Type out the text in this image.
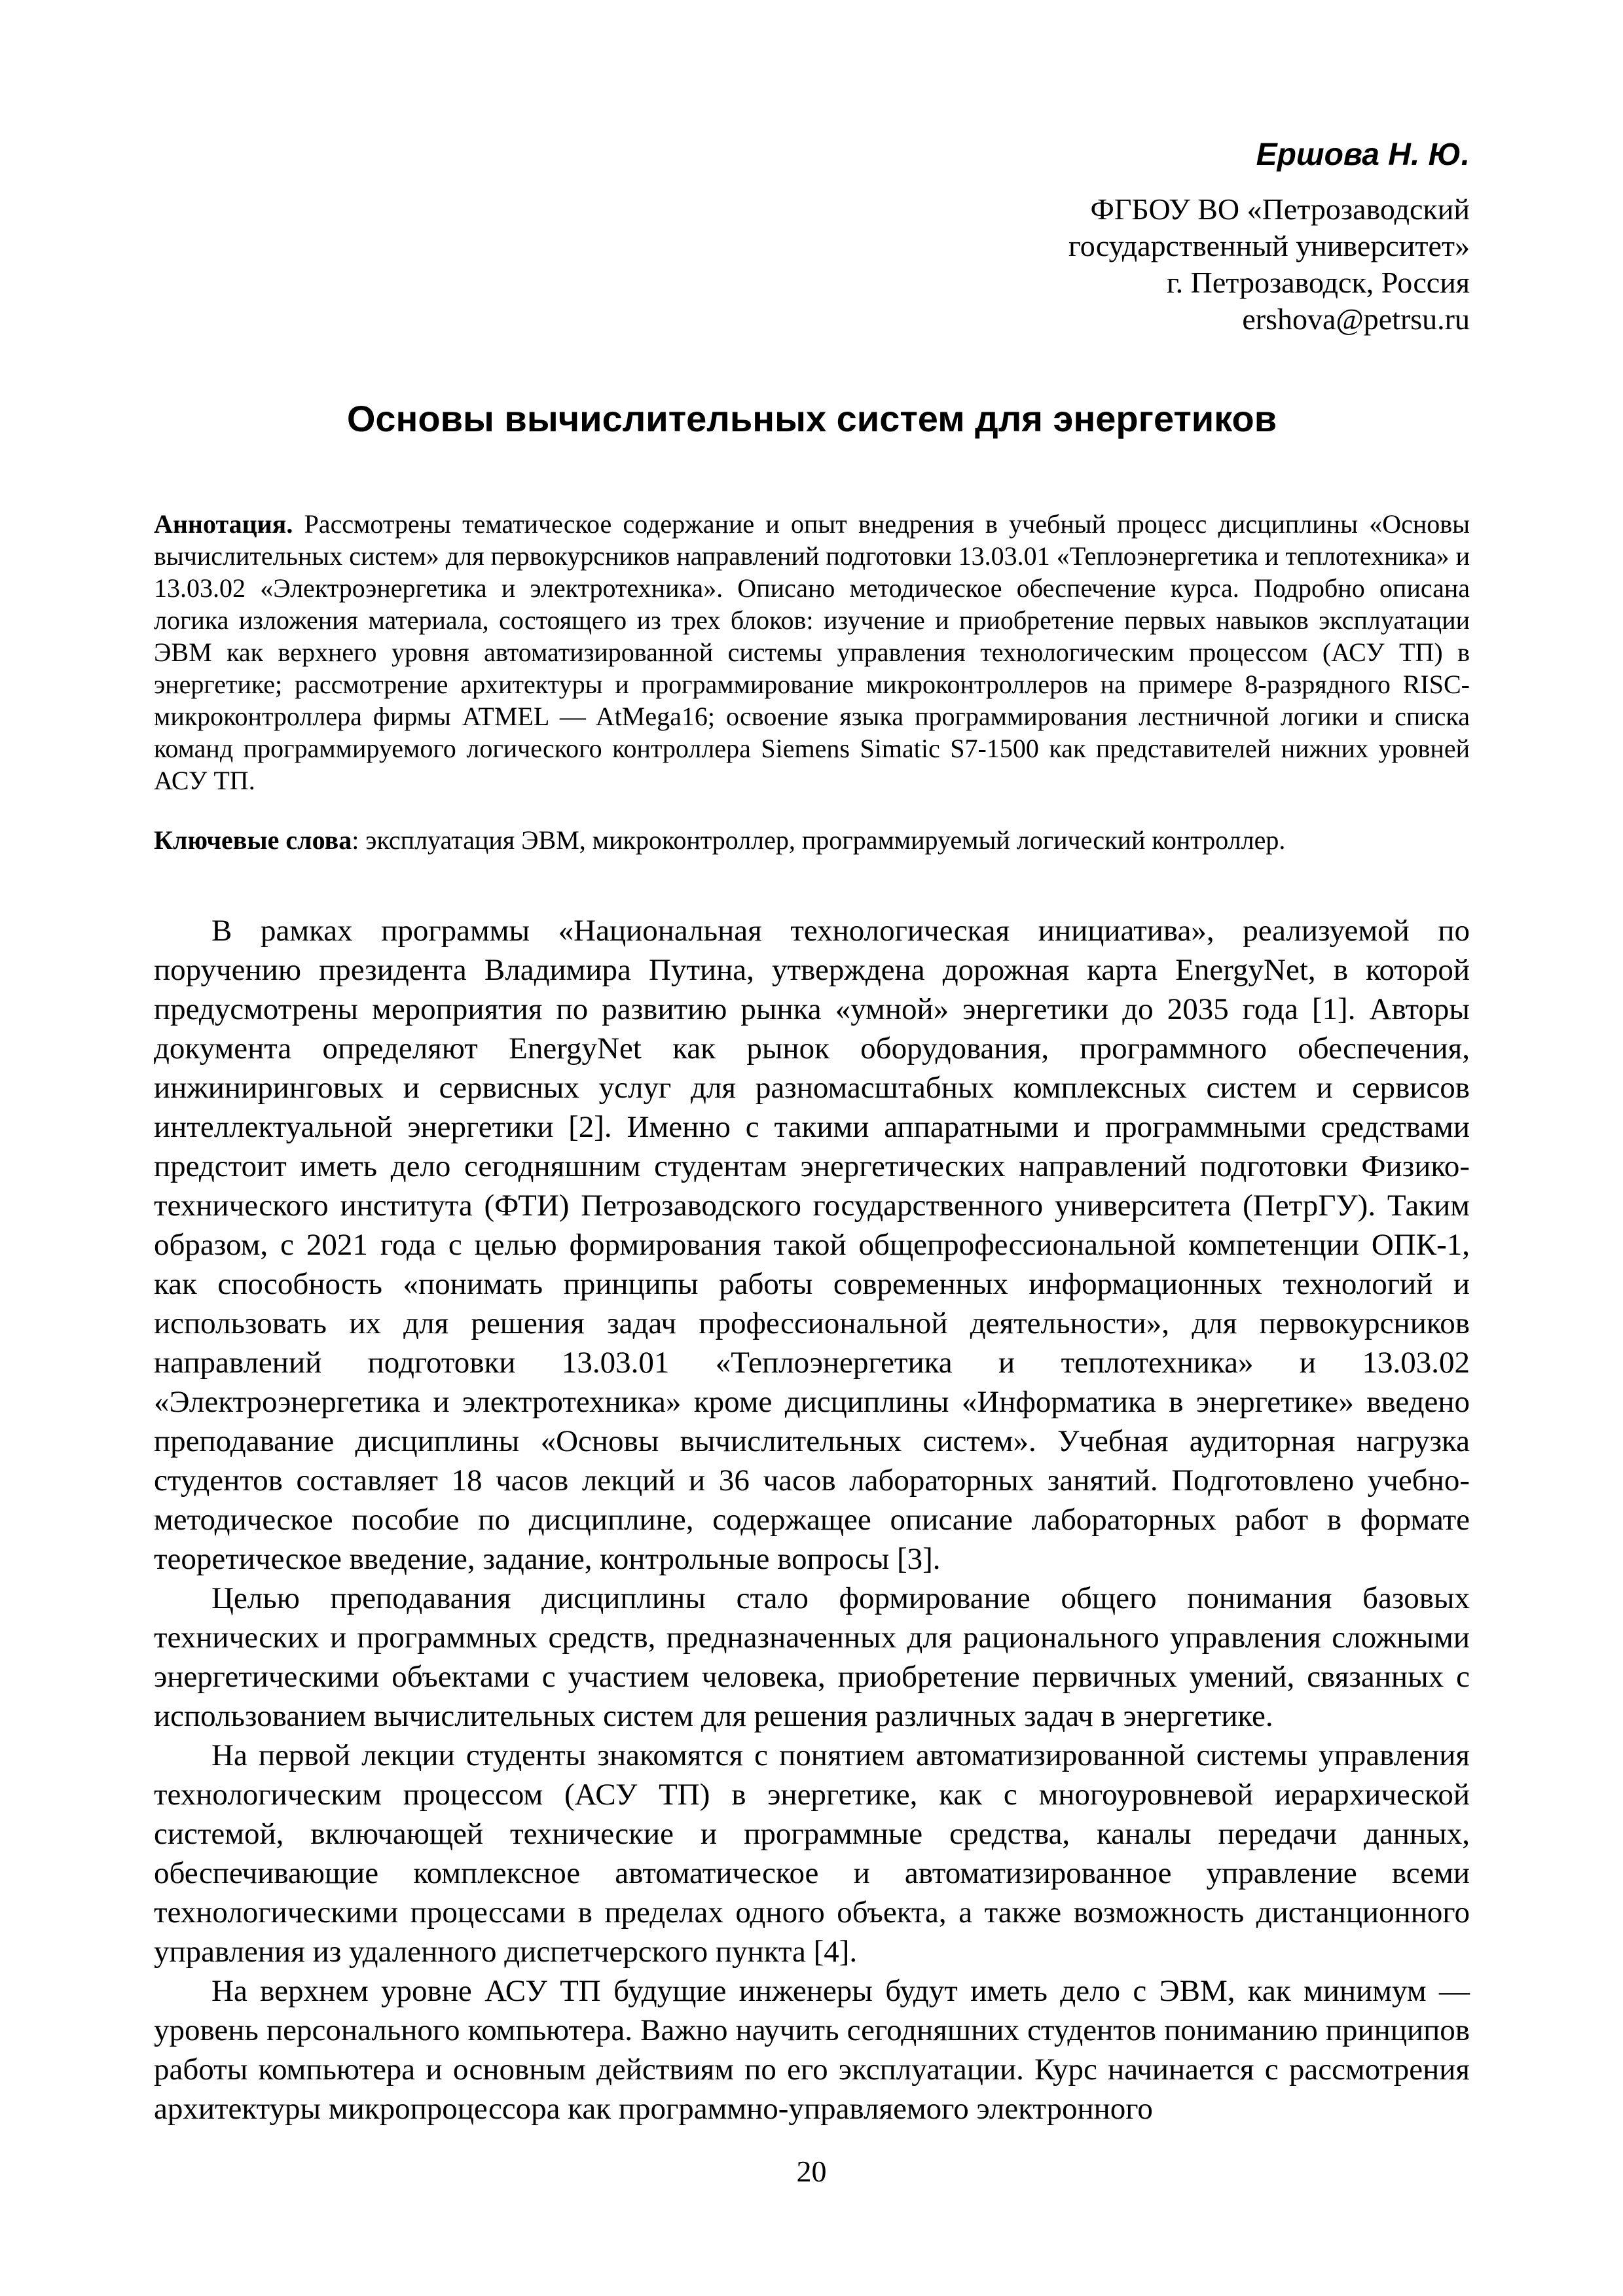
Ершова Н. Ю.
ФГБОУ ВО «Петрозаводский
государственный университет»
г. Петрозаводск, Россия
ershova@petrsu.ru
Основы вычислительных систем для энергетиков

Аннотация. Рассмотрены тематическое содержание и опыт внедрения в учебный процесс дисциплины «Основы вычислительных систем» для первокурсников направлений подготовки 13.03.01 «Теплоэнергетика и теплотехника» и 13.03.02 «Электроэнергетика и электротехника». Описано методическое обеспечение курса. Подробно описана логика изложения материала, состоящего из трех блоков: изучение и приобретение первых навыков эксплуатации ЭВМ как верхнего уровня автоматизированной системы управления технологическим процессом (АСУ ТП) в энергетике; рассмотрение архитектуры и программирование микроконтроллеров на примере 8-разрядного RISC-микроконтроллера фирмы ATMEL — AtMega16; освоение языка программирования лестничной логики и списка команд программируемого логического контроллера Siemens Simatic S7-1500 как представителей нижних уровней АСУ ТП.

Ключевые слова: эксплуатация ЭВМ, микроконтроллер, программируемый логический контроллер.

В рамках программы «Национальная технологическая инициатива», реализуемой по поручению президента Владимира Путина, утверждена дорожная карта EnergyNet, в которой предусмотрены мероприятия по развитию рынка «умной» энергетики до 2035 года [1]. Авторы документа определяют EnergyNet как рынок оборудования, программного обеспечения, инжиниринговых и сервисных услуг для разномасштабных комплексных систем и сервисов интеллектуальной энергетики [2]. Именно с такими аппаратными и программными средствами предстоит иметь дело сегодняшним студентам энергетических направлений подготовки Физико-технического института (ФТИ) Петрозаводского государственного университета (ПетрГУ). Таким образом, с 2021 года с целью формирования такой общепрофессиональной компетенции ОПК-1, как способность «понимать принципы работы современных информационных технологий и использовать их для решения задач профессиональной деятельности», для первокурсников направлений подготовки 13.03.01 «Теплоэнергетика и теплотехника» и 13.03.02 «Электроэнергетика и электротехника» кроме дисциплины «Информатика в энергетике» введено преподавание дисциплины «Основы вычислительных систем». Учебная аудиторная нагрузка студентов составляет 18 часов лекций и 36 часов лабораторных занятий. Подготовлено учебно-методическое пособие по дисциплине, содержащее описание лабораторных работ в формате теоретическое введение, задание, контрольные вопросы [3].

Целью преподавания дисциплины стало формирование общего понимания базовых технических и программных средств, предназначенных для рационального управления сложными энергетическими объектами с участием человека, приобретение первичных умений, связанных с использованием вычислительных систем для решения различных задач в энергетике.

На первой лекции студенты знакомятся с понятием автоматизированной системы управления технологическим процессом (АСУ ТП) в энергетике, как с многоуровневой иерархической системой, включающей технические и программные средства, каналы передачи данных, обеспечивающие комплексное автоматическое и автоматизированное управление всеми технологическими процессами в пределах одного объекта, а также возможность дистанционного управления из удаленного диспетчерского пункта [4].

На верхнем уровне АСУ ТП будущие инженеры будут иметь дело с ЭВМ, как минимум — уровень персонального компьютера. Важно научить сегодняшних студентов пониманию принципов работы компьютера и основным действиям по его эксплуатации. Курс начинается с рассмотрения архитектуры микропроцессора как программно-управляемого электронного

20
